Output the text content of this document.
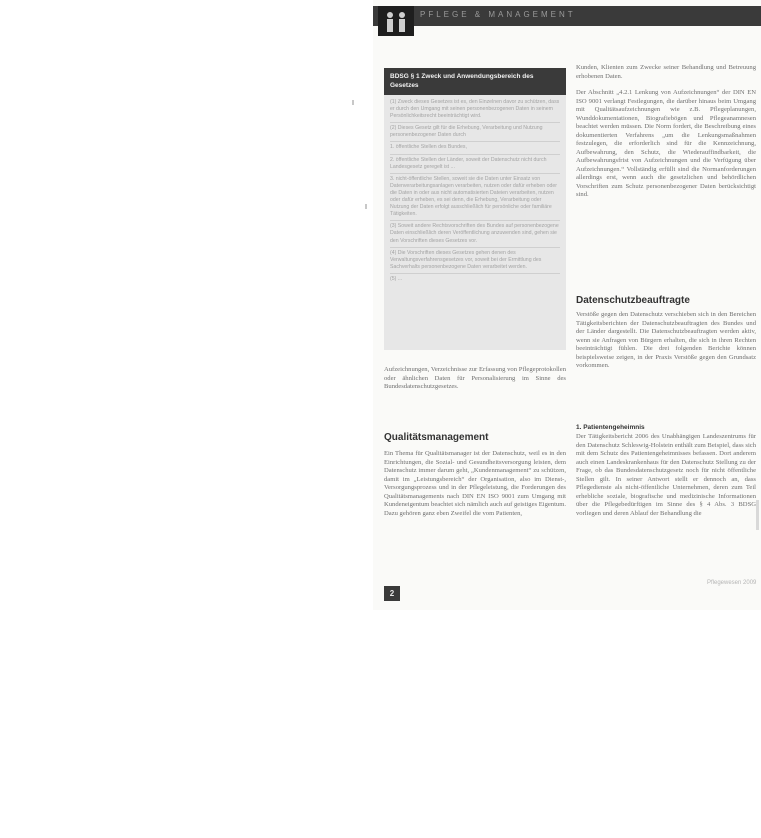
PFLEGE & MANAGEMENT
BDSG § 1 Zweck und Anwendungsbereich des Gesetzes

(1) Zweck dieses Gesetzes ist es, den Einzelnen davor zu schützen, dass er durch den Umgang mit seinen personenbezogenen Daten in seinem Persönlichkeitsrecht beeinträchtigt wird.

(2) Dieses Gesetz gilt für die Erhebung, Verarbeitung und Nutzung personenbezogener Daten durch

1. öffentliche Stellen des Bundes,

2. öffentliche Stellen der Länder, soweit der Datenschutz nicht durch Landesgesetz geregelt ist ...

3. nicht-öffentliche Stellen, soweit sie die Daten unter Einsatz von Datenverarbeitungsanlagen verarbeiten, nutzen oder dafür erheben oder die Daten in oder aus nicht automatisierten Dateien verarbeiten, nutzen oder dafür erheben, es sei denn, die Erhebung, Verarbeitung oder Nutzung der Daten erfolgt ausschließlich für persönliche oder familiäre Tätigkeiten.

(3) Soweit andere Rechtsvorschriften des Bundes auf personenbezogene Daten einschließlich deren Veröffentlichung anzuwenden sind, gehen sie den Vorschriften dieses Gesetzes vor.

(4) Die Vorschriften dieses Gesetzes gehen denen des Verwaltungsverfahrensgesetzes vor, soweit bei der Ermittlung des Sachverhalts personenbezogene Daten verarbeitet werden.

(5) ...

Aufzeichnungen, Verzeichnisse zur Erfassung von Pflegeprotokollen oder ähnlichen Daten für Personalisierung im Sinne des Bundesdatenschutzgesetzes.

Qualitätsmanagement

Ein Thema für Qualitätsmanager ist der Datenschutz, weil es in den Einrichtungen, die Sozial- und Gesundheitsversorgung leisten, dem Datenschutz immer darum geht, „Kundenmanagement“ zu schützen, damit im „Leistungsbereich“ der Organisation, also im Dienst-, Versorgungsprozess und in der Pflegeleistung, die Forderungen des Qualitätsmanagements nach DIN EN ISO 9001 zum Umgang mit Kundeneigentum beachtet sich nämlich auch auf geistiges Eigentum. Dazu gehören ganz eben Zweifel die vom Patienten,

Kunden, Klienten zum Zwecke seiner Behandlung und Betreuung erhobenen Daten.

Der Abschnitt „4.2.1 Lenkung von Aufzeichnungen“ der DIN EN ISO 9001 verlangt Festlegungen, die darüber hinaus beim Umgang mit Qualitätsaufzeichnungen wie z.B. Pflegeplanungen, Wunddokumentationen, Biografiebögen und Pflegeanamnesen beachtet werden müssen. Die Norm fordert, die Beschreibung eines dokumentierten Verfahrens „um die Lenkungsmaßnahmen festzulegen, die erforderlich sind für die Kennzeichnung, Aufbewahrung, den Schutz, die Wiederauffindbarkeit, die Aufbewahrungsfrist von Aufzeichnungen und die Verfügung über Aufzeichnungen.“ Vollständig erfüllt sind die Normanforderungen allerdings erst, wenn auch die gesetzlichen und behördlichen Vorschriften zum Schutz personenbezogener Daten berücksichtigt sind.

Datenschutzbeauftragte

Verstöße gegen den Datenschutz verschieben sich in den Bereichen Tätigkeitsberichten der Datenschutzbeauftragten des Bundes und der Länder dargestellt. Die Datenschutzbeauftragten werden aktiv, wenn sie Anfragen von Bürgern erhalten, die sich in ihren Rechten beeinträchtigt fühlen. Die drei folgenden Berichte können beispielsweise zeigen, in der Praxis Verstöße gegen den Grundsatz vorkommen.

1. Patientengeheimnis

Der Tätigkeitsbericht 2006 des Unabhängigen Landeszentrums für den Datenschutz Schleswig-Holstein enthält zum Beispiel, dass sich mit dem Schutz des Patientengeheimnisses befassen. Dort anderem auch einen Landeskrankenhaus für den Datenschutz Stellung zu der Frage, ob das Bundesdatenschutzgesetz noch für nicht öffentliche Stellen gilt. In seiner Antwort stellt er dennoch an, dass Pflegedienste als nicht-öffentliche Unternehmen, deren zum Teil erhebliche soziale, biografische und medizinische Informationen über die Pflegebedürftigen im Sinne des § 4 Abs. 3 BDSG vorliegen und deren Ablauf der Behandlung die

2
Pflegewesen 2009
